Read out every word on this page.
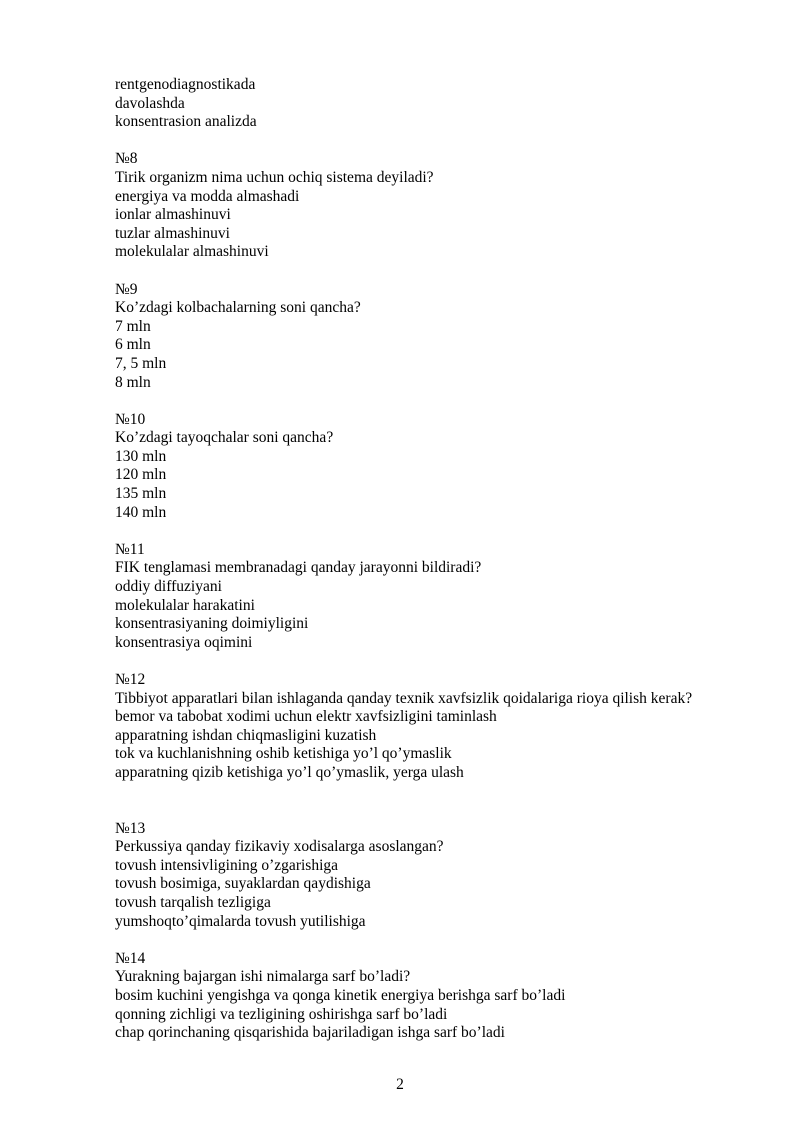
rentgenodiagnostikada
davolashda
konsentrasion analizda
№8
Tirik organizm nima uchun ochiq sistema deyiladi?
energiya va modda almashadi
ionlar almashinuvi
tuzlar almashinuvi
molekulalar almashinuvi
№9
Ko’zdagi kolbachalarning soni qancha?
7 mln
6 mln
7, 5 mln
8 mln
№10
Ko’zdagi tayoqchalar soni qancha?
130 mln
120 mln
135 mln
140 mln
№11
FIK tenglamasi membranadagi qanday jarayonni bildiradi?
oddiy diffuziyani
molekulalar harakatini
konsentrasiyaning doimiyligini
konsentrasiya oqimini
№12
Tibbiyot apparatlari bilan ishlaganda qanday texnik xavfsizlik qoidalariga rioya qilish kerak?
bemor va tabobat xodimi uchun elektr xavfsizligini taminlash
apparatning ishdan chiqmasligini kuzatish
tok va kuchlanishning oshib ketishiga yo’l qo’ymaslik
apparatning qizib ketishiga yo’l qo’ymaslik, yerga ulash
№13
Perkussiya qanday fizikaviy xodisalarga asoslangan?
tovush intensivligining o’zgarishiga
tovush bosimiga, suyaklardan qaydishiga
tovush tarqalish tezligiga
yumshoqto’qimalarda tovush yutilishiga
№14
Yurakning bajargan ishi nimalarga sarf bo’ladi?
bosim kuchini yengishga va qonga kinetik energiya berishga sarf bo’ladi
qonning zichligi va tezligining oshirishga sarf bo’ladi
chap qorinchaning qisqarishida bajariladigan ishga sarf bo’ladi
2
